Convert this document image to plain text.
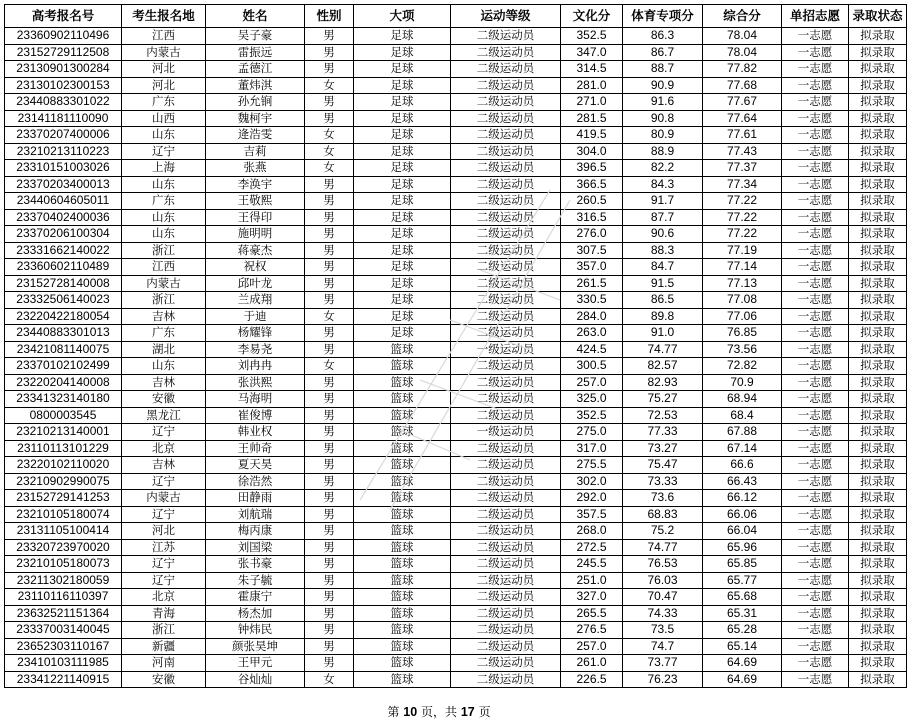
高考报名号	考生报名地	姓名	性别	大项	运动等级	文化分	体育专项分	综合分	单招志愿	录取状态
23360902110496	江西	吴子豪	男	足球	二级运动员	352.5	86.3	78.04	一志愿	拟录取
23152729112508	内蒙古	雷振远	男	足球	二级运动员	347.0	86.7	78.04	一志愿	拟录取
23130901300284	河北	孟德江	男	足球	二级运动员	314.5	88.7	77.82	一志愿	拟录取
23130102300153	河北	董炜淇	女	足球	二级运动员	281.0	90.9	77.68	一志愿	拟录取
23440883301022	广东	孙允锏	男	足球	二级运动员	271.0	91.6	77.67	一志愿	拟录取
23141181110090	山西	魏柯宇	男	足球	二级运动员	281.5	90.8	77.64	一志愿	拟录取
23370207400006	山东	逄浩雯	女	足球	二级运动员	419.5	80.9	77.61	一志愿	拟录取
23210213110223	辽宁	吉莉	女	足球	二级运动员	304.0	88.9	77.43	一志愿	拟录取
23310151003026	上海	张燕	女	足球	二级运动员	396.5	82.2	77.37	一志愿	拟录取
23370203400013	山东	李涣宇	男	足球	二级运动员	366.5	84.3	77.34	一志愿	拟录取
23440604605011	广东	王敬熙	男	足球	二级运动员	260.5	91.7	77.22	一志愿	拟录取
23370402400036	山东	王得印	男	足球	二级运动员	316.5	87.7	77.22	一志愿	拟录取
23370206100304	山东	施明明	男	足球	二级运动员	276.0	90.6	77.22	一志愿	拟录取
23331662140022	浙江	蒋豪杰	男	足球	二级运动员	307.5	88.3	77.19	一志愿	拟录取
23360602110489	江西	祝权	男	足球	二级运动员	357.0	84.7	77.14	一志愿	拟录取
23152728140008	内蒙古	邱叶龙	男	足球	二级运动员	261.5	91.5	77.13	一志愿	拟录取
23332506140023	浙江	兰成翔	男	足球	二级运动员	330.5	86.5	77.08	一志愿	拟录取
23220422180054	吉林	于迪	女	足球	二级运动员	284.0	89.8	77.06	一志愿	拟录取
23440883301013	广东	杨耀锋	男	足球	二级运动员	263.0	91.0	76.85	一志愿	拟录取
23421081140075	湖北	李易尧	男	篮球	一级运动员	424.5	74.77	73.56	一志愿	拟录取
23370102102499	山东	刘冉冉	女	篮球	二级运动员	300.5	82.57	72.82	一志愿	拟录取
23220204140008	吉林	张洪熙	男	篮球	二级运动员	257.0	82.93	70.9	一志愿	拟录取
23341323140180	安徽	马海明	男	篮球	二级运动员	325.0	75.27	68.94	一志愿	拟录取
0800003545	黑龙江	崔俊博	男	篮球	二级运动员	352.5	72.53	68.4	一志愿	拟录取
23210213140001	辽宁	韩业权	男	篮球	一级运动员	275.0	77.33	67.88	一志愿	拟录取
23110113101229	北京	王帅奇	男	篮球	二级运动员	317.0	73.27	67.14	一志愿	拟录取
23220102110020	吉林	夏天昊	男	篮球	二级运动员	275.5	75.47	66.6	一志愿	拟录取
23210902990075	辽宁	徐浩然	男	篮球	二级运动员	302.0	73.33	66.43	一志愿	拟录取
23152729141253	内蒙古	田静雨	男	篮球	二级运动员	292.0	73.6	66.12	一志愿	拟录取
23210105180074	辽宁	刘航瑞	男	篮球	二级运动员	357.5	68.83	66.06	一志愿	拟录取
23131105100414	河北	梅丙康	男	篮球	二级运动员	268.0	75.2	66.04	一志愿	拟录取
23320723970020	江苏	刘国梁	男	篮球	二级运动员	272.5	74.77	65.96	一志愿	拟录取
23210105180073	辽宁	张书豪	男	篮球	二级运动员	245.5	76.53	65.85	一志愿	拟录取
23211302180059	辽宁	朱子毓	男	篮球	二级运动员	251.0	76.03	65.77	一志愿	拟录取
23110116110397	北京	霍康宁	男	篮球	二级运动员	327.0	70.47	65.68	一志愿	拟录取
23632521151364	青海	杨杰加	男	篮球	二级运动员	265.5	74.33	65.31	一志愿	拟录取
23337003140045	浙江	钟炜民	男	篮球	二级运动员	276.5	73.5	65.28	一志愿	拟录取
23652303110167	新疆	颜张昊坤	男	篮球	二级运动员	257.0	74.7	65.14	一志愿	拟录取
23410103111985	河南	王甲元	男	篮球	二级运动员	261.0	73.77	64.69	一志愿	拟录取
23341221140915	安徽	谷灿灿	女	篮球	二级运动员	226.5	76.23	64.69	一志愿	拟录取
第 10 页，共 17 页
